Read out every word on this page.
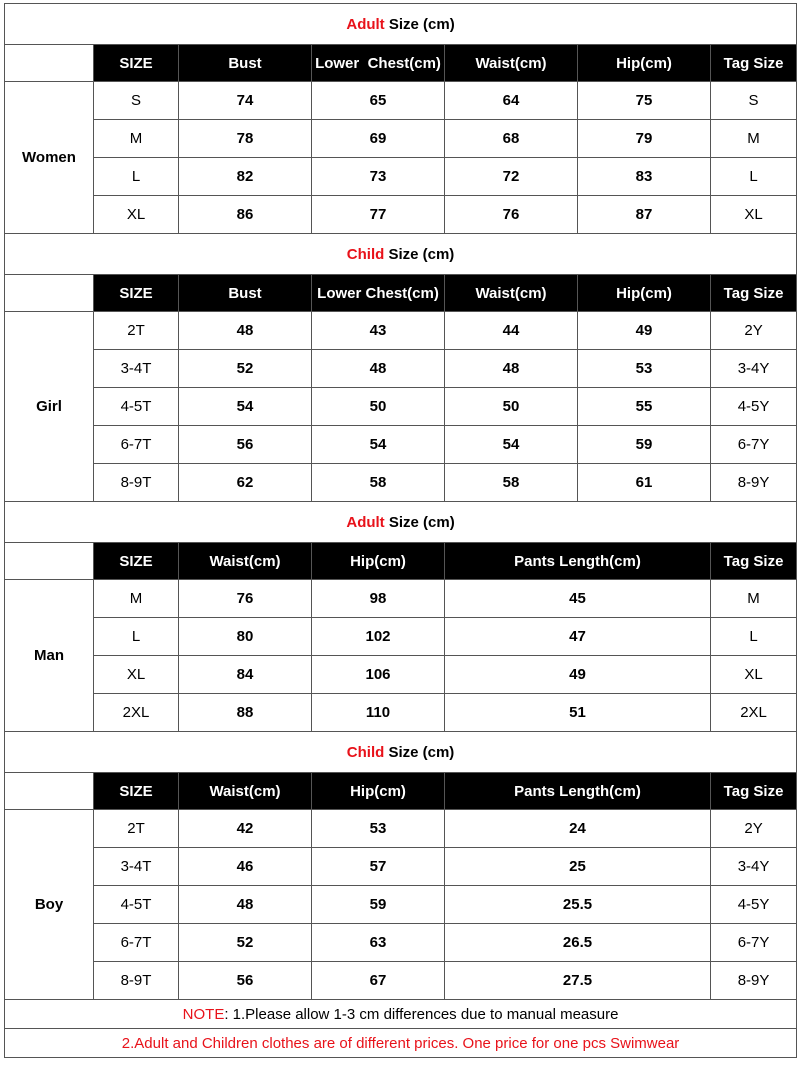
Adult Size (cm)						
	SIZE	Bust	Lower  Chest(cm)	Waist(cm)	Hip(cm)	Tag Size
Women	S	74	65	64	75	S
	M	78	69	68	79	M
	L	82	73	72	83	L
	XL	86	77	76	87	XL
Child Size (cm)						
	SIZE	Bust	Lower Chest(cm)	Waist(cm)	Hip(cm)	Tag Size
Girl	2T	48	43	44	49	2Y
	3-4T	52	48	48	53	3-4Y
	4-5T	54	50	50	55	4-5Y
	6-7T	56	54	54	59	6-7Y
	8-9T	62	58	58	61	8-9Y
Adult Size (cm)						
	SIZE	Waist(cm)	Hip(cm)	Pants Length(cm)		Tag Size
Man	M	76	98	45		M
	L	80	102	47		L
	XL	84	106	49		XL
	2XL	88	110	51		2XL
Child Size (cm)						
	SIZE	Waist(cm)	Hip(cm)	Pants Length(cm)		Tag Size
Boy	2T	42	53	24		2Y
	3-4T	46	57	25		3-4Y
	4-5T	48	59	25.5		4-5Y
	6-7T	52	63	26.5		6-7Y
	8-9T	56	67	27.5		8-9Y
NOTE: 1.Please allow 1-3 cm differences due to manual measure						
2.Adult and Children clothes are of different prices. One price for one pcs Swimwear						
